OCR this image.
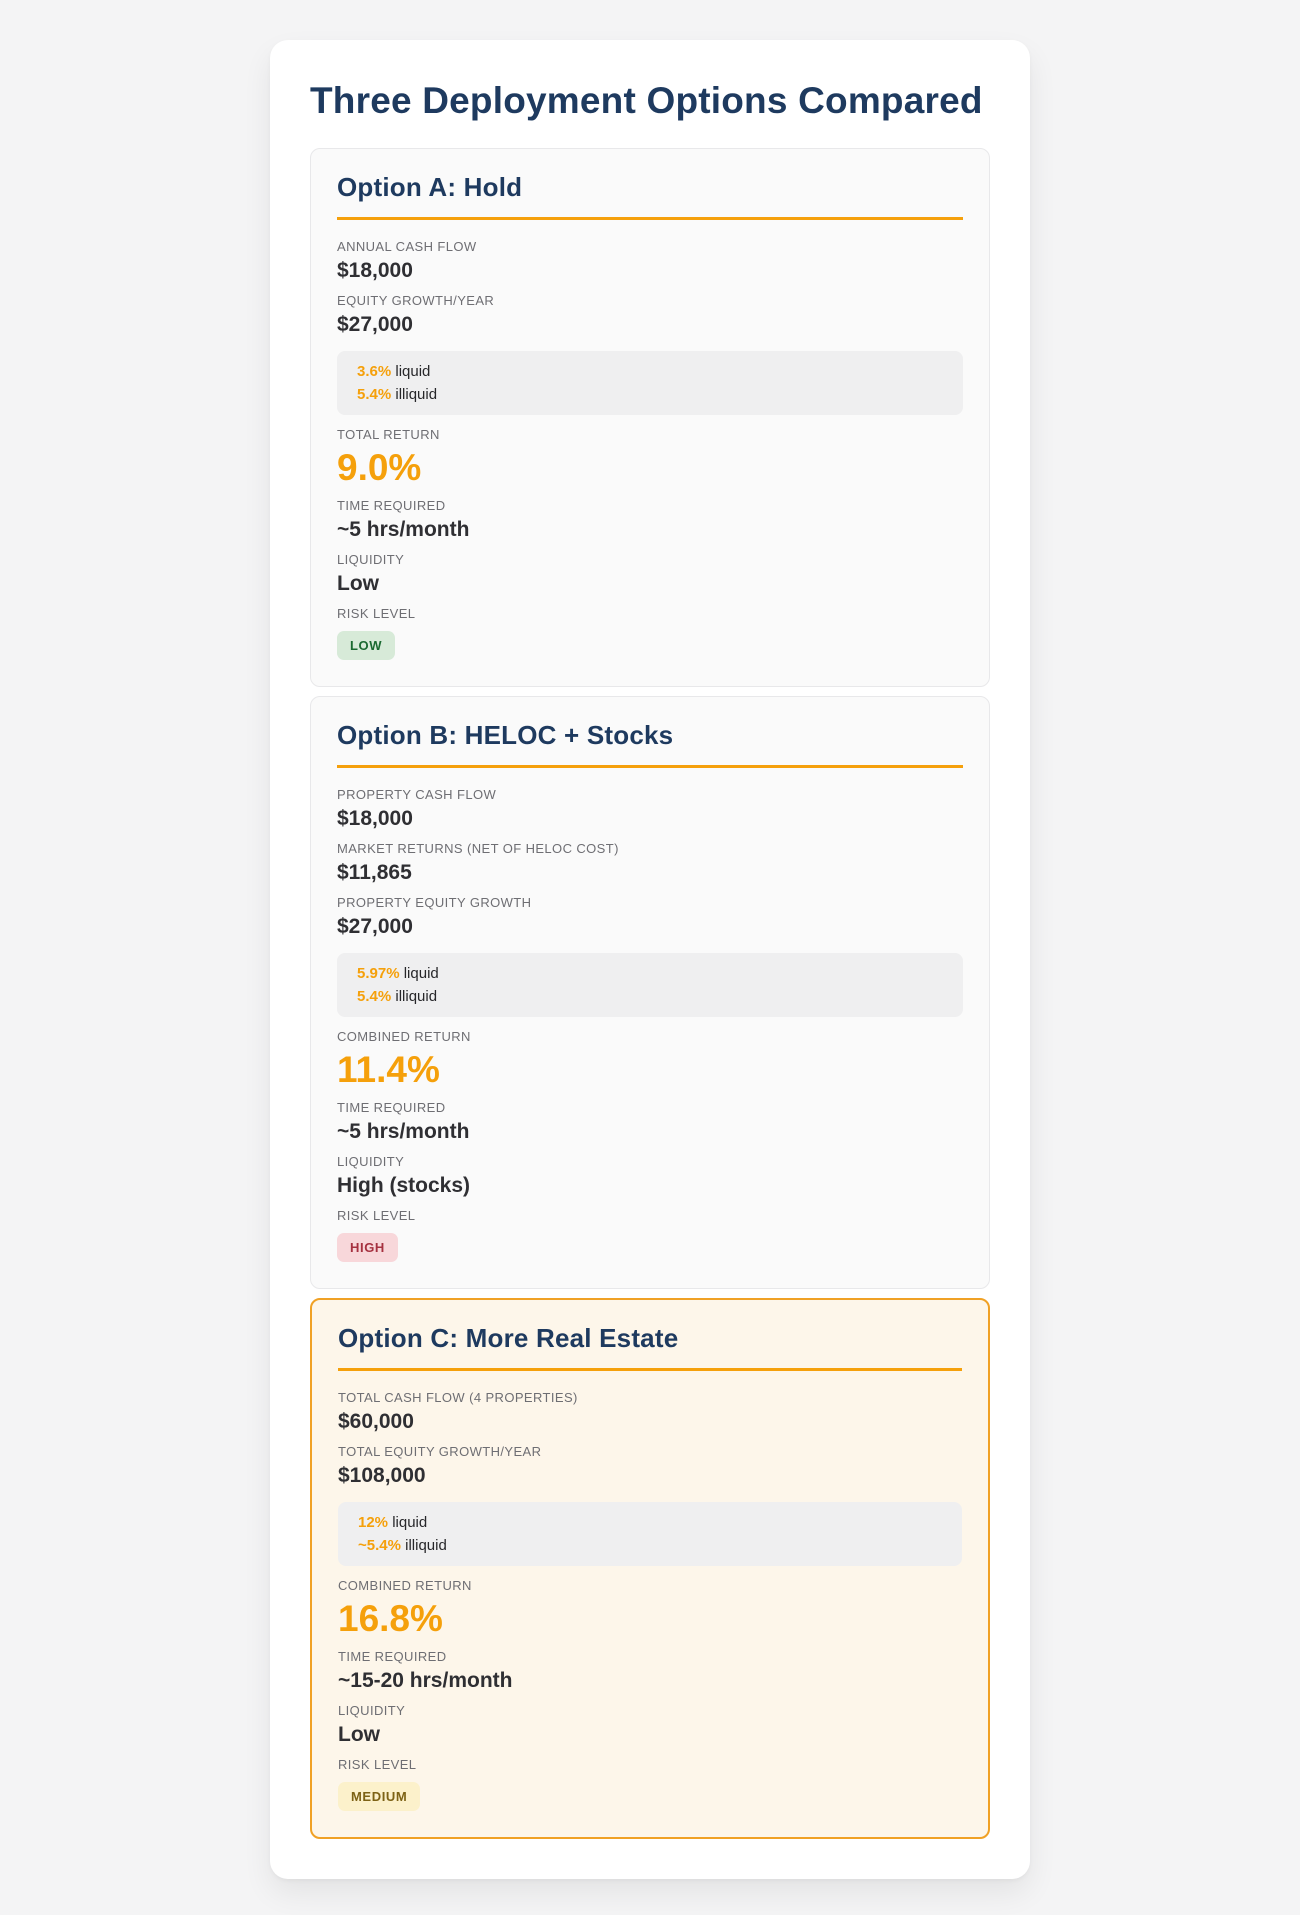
Three Deployment Options Compared
Option A: Hold
ANNUAL CASH FLOW
$18,000
EQUITY GROWTH/YEAR
$27,000
3.6% liquid
5.4% illiquid
TOTAL RETURN
9.0%
TIME REQUIRED
~5 hrs/month
LIQUIDITY
Low
RISK LEVEL
LOW
Option B: HELOC + Stocks
PROPERTY CASH FLOW
$18,000
MARKET RETURNS (NET OF HELOC COST)
$11,865
PROPERTY EQUITY GROWTH
$27,000
5.97% liquid
5.4% illiquid
COMBINED RETURN
11.4%
TIME REQUIRED
~5 hrs/month
LIQUIDITY
High (stocks)
RISK LEVEL
HIGH
Option C: More Real Estate
TOTAL CASH FLOW (4 PROPERTIES)
$60,000
TOTAL EQUITY GROWTH/YEAR
$108,000
12% liquid
~5.4% illiquid
COMBINED RETURN
16.8%
TIME REQUIRED
~15-20 hrs/month
LIQUIDITY
Low
RISK LEVEL
MEDIUM
